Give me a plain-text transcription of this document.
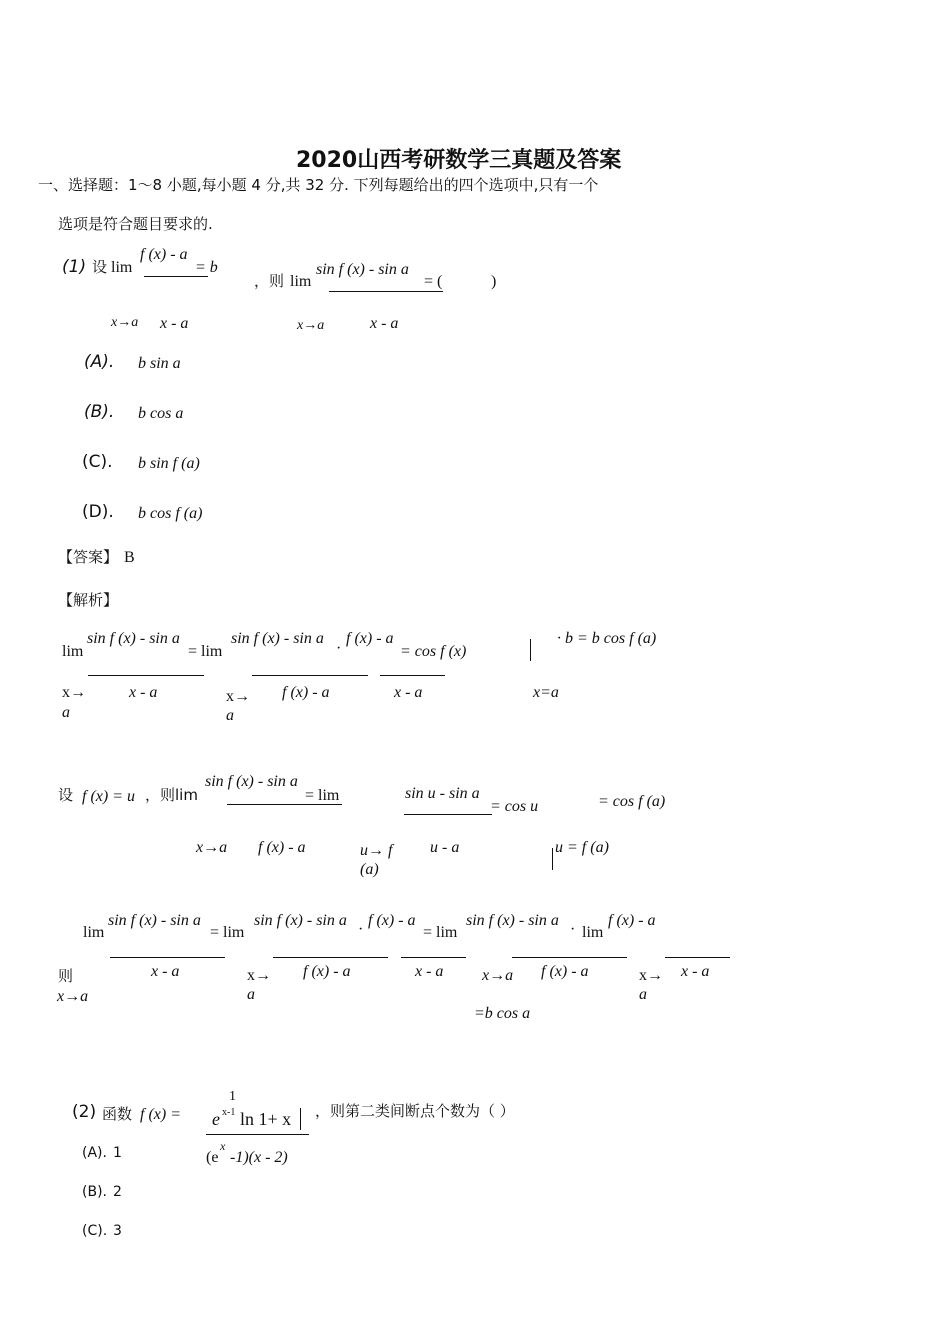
2020山西考研数学三真题及答案
一、选择题：1～8 小题,每小题 4 分,共 32 分. 下列每题给出的四个选项中,只有一个
选项是符合题目要求的.
(1) 设 lim
f (x) - a
= b
，则 lim
sin f (x) - sin a
= (	)
x→a x - a	x→a	x - a
(A). b sin a
(B). b cos a
(C). b sin f (a)
(D). b cos f (a)
【答案】 B
【解析】
lim
sin f (x) - sin a
= lim
sin f (x) - sin a
·
f (x) - a
= cos f (x)
· b = b cos f (a)
x→
a
x - a	x→
a
f (x) - a	x - a	x=a
设 f (x) = u ，则lim
sin f (x) - sin a
= lim	sin u - sin a
= cos u	= cos f (a)
x→a f (x) - a	u→ f
(a)
u - a	u = f (a)
lim
sin f (x) - sin a
= lim
sin f (x) - sin a
·
f (x) - a
= lim
sin f (x) - sin a
· lim
f (x) - a
则
x→a
x - a	x→
a
f (x) - a	x - a x→a f (x) - a	x→
a
x - a
=b cos a
(2) 函数 f (x) =
1
x-1
e ln 1+ x
(e
x
-1)(x - 2)
，则第二类间断点个数为（ ）
(A). 1
(B). 2
(C). 3
